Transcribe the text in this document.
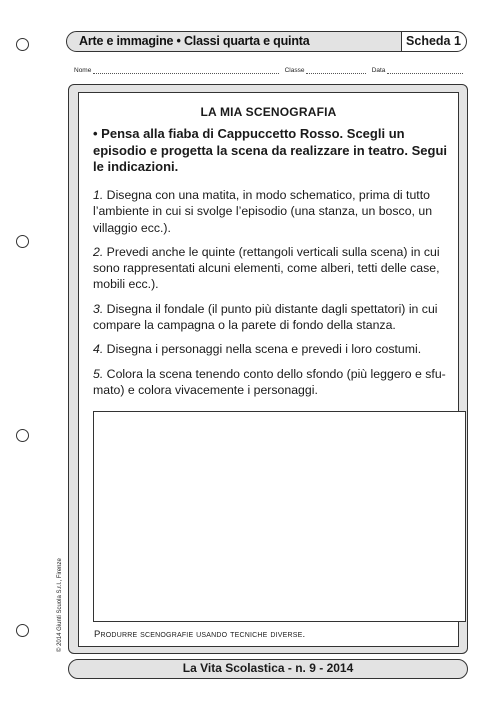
Arte e immagine • Classi quarta e quinta	Scheda 1
Nome	Classe	Data
LA MIA SCENOGRAFIA
• Pensa alla fiaba di Cappuccetto Rosso. Scegli un episodio e progetta la scena da realizzare in teatro. Segui le indicazioni.

1. Disegna con una matita, in modo schematico, prima di tutto l’ambiente in cui si svolge l’episodio (una stanza, un bosco, un villaggio ecc.).

2. Prevedi anche le quinte (rettangoli verticali sulla scena) in cui sono rappresentati alcuni elementi, come alberi, tetti delle case, mobili ecc.).

3. Disegna il fondale (il punto più distante dagli spettatori) in cui compare la campagna o la parete di fondo della stanza.

4. Disegna i personaggi nella scena e prevedi i loro costumi.

5. Colora la scena tenendo conto dello sfondo (più leggero e sfu-mato) e colora vivacemente i personaggi.

Produrre scenografie usando tecniche diverse.
© 2014 Giunti Scuola S.r.l., Firenze
La Vita Scolastica - n. 9 - 2014
